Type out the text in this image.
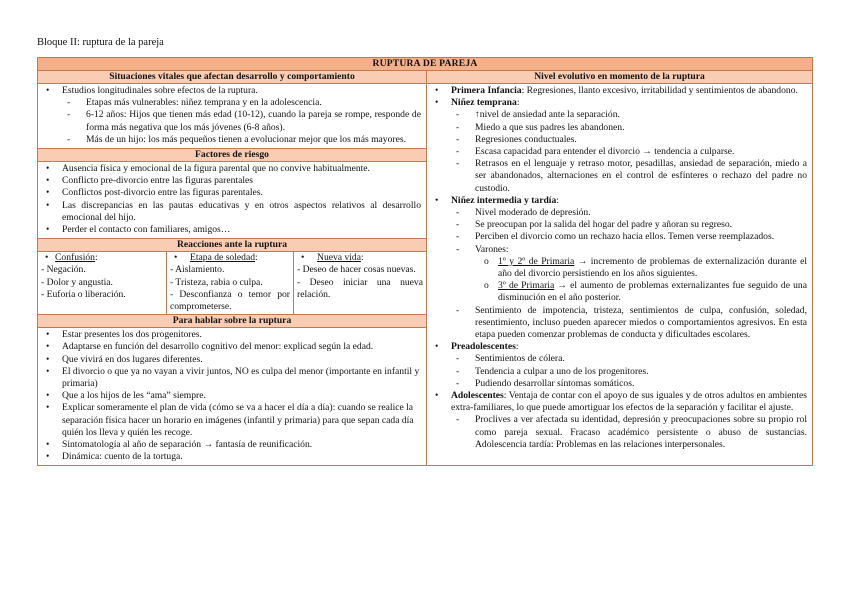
Bloque II: ruptura de la pareja
RUPTURA DE PAREJA
Situaciones vitales que afectan desarrollo y comportamiento
• Estudios longitudinales sobre efectos de la ruptura.
- Etapas más vulnerables: niñez temprana y en la adolescencia.
- 6-12 años: Hijos que tienen más edad (10-12), cuando la pareja se rompe, responde de forma más negativa que los más jóvenes (6-8 años).
- Más de un hijo: los más pequeños tienen a evolucionar mejor que los más mayores.
Factores de riesgo
• Ausencia física y emocional de la figura parental que no convive habitualmente.
• Conflicto pre-divorcio entre las figuras parentales
• Conflictos post-divorcio entre las figuras parentales.
• Las discrepancias en las pautas educativas y en otros aspectos relativos al desarrollo emocional del hijo.
• Perder el contacto con familiares, amigos…
Reacciones ante la ruptura
• Confusión:
- Negación.
- Dolor y angustia.
- Euforia o liberación.
• Etapa de soledad:
- Aislamiento.
- Tristeza, rabia o culpa.
- Desconfianza o temor por comprometerse.
• Nueva vida:
- Deseo de hacer cosas nuevas.
- Deseo iniciar una nueva relación.
Para hablar sobre la ruptura
• Estar presentes los dos progenitores.
• Adaptarse en función del desarrollo cognitivo del menor: explicad según la edad.
• Que vivirá en dos lugares diferentes.
• El divorcio o que ya no vayan a vivir juntos, NO es culpa del menor (importante en infantil y primaria)
• Que a los hijos de les “ama” siempre.
• Explicar someramente el plan de vida (cómo se va a hacer el día a día): cuando se realice la separación física hacer un horario en imágenes (infantil y primaria) para que sepan cada día quién los lleva y quién les recoge.
• Sintomatología al año de separación → fantasía de reunificación.
• Dinámica: cuento de la tortuga.
Nivel evolutivo en momento de la ruptura
• Primera Infancia: Regresiones, llanto excesivo, irritabilidad y sentimientos de abandono.
• Niñez temprana:
- ↑nivel de ansiedad ante la separación.
- Miedo a que sus padres les abandonen.
- Regresiones conductuales.
- Escasa capacidad para entender el divorcio → tendencia a culparse.
- Retrasos en el lenguaje y retraso motor, pesadillas, ansiedad de separación, miedo a ser abandonados, alternaciones en el control de esfínteres o rechazo del padre no custodio.
• Niñez intermedia y tardía:
- Nivel moderado de depresión.
- Se preocupan por la salida del hogar del padre y añoran su regreso.
- Perciben el divorcio como un rechazo hacia ellos. Temen verse reemplazados.
- Varones:
o 1º y 2º de Primaria → incremento de problemas de externalización durante el año del divorcio persistiendo en los años siguientes.
o 3º de Primaria → el aumento de problemas externalizantes fue seguido de una disminución en el año posterior.
- Sentimiento de impotencia, tristeza, sentimientos de culpa, confusión, soledad, resentimiento, incluso pueden aparecer miedos o comportamientos agresivos. En esta etapa pueden comenzar problemas de conducta y dificultades escolares.
• Preadolescentes:
- Sentimientos de cólera.
- Tendencia a culpar a uno de los progenitores.
- Pudiendo desarrollar síntomas somáticos.
• Adolescentes: Ventaja de contar con el apoyo de sus iguales y de otros adultos en ambientes extra-familiares, lo que puede amortiguar los efectos de la separación y facilitar el ajuste.
- Proclives a ver afectada su identidad, depresión y preocupaciones sobre su propio rol como pareja sexual. Fracaso académico persistente o abuso de sustancias. Adolescencia tardía: Problemas en las relaciones interpersonales.
